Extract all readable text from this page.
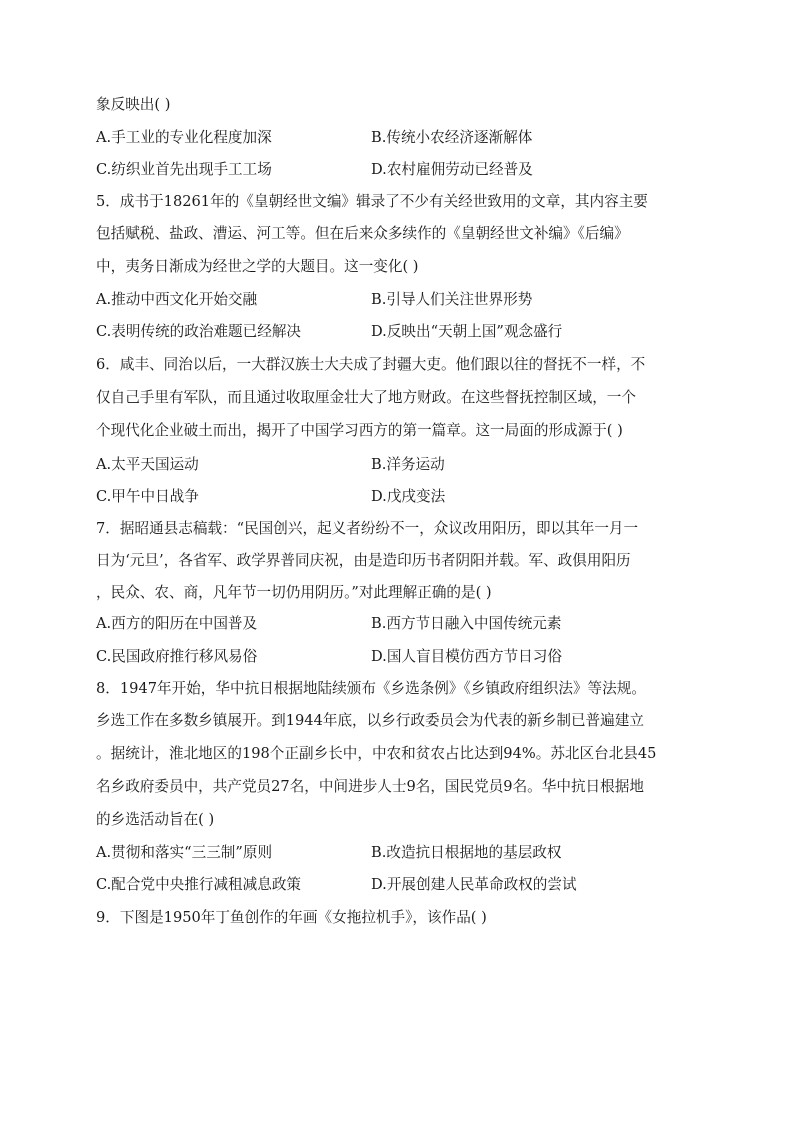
象反映出( )
A.手工业的专业化程度加深	B.传统小农经济逐渐解体
C.纺织业首先出现手工工场	D.农村雇佣劳动已经普及
5．成书于18261年的《皇朝经世文编》辑录了不少有关经世致用的文章，其内容主要
包括赋税、盐政、漕运、河工等。但在后来众多续作的《皇朝经世文补编》《后编》
中，夷务日渐成为经世之学的大题目。这一变化( )
A.推动中西文化开始交融	B.引导人们关注世界形势
C.表明传统的政治难题已经解决	D.反映出“天朝上国”观念盛行
6．咸丰、同治以后，一大群汉族士大夫成了封疆大吏。他们跟以往的督抚不一样，不
仅自己手里有军队，而且通过收取厘金壮大了地方财政。在这些督抚控制区域，一个
个现代化企业破土而出，揭开了中国学习西方的第一篇章。这一局面的形成源于( )
A.太平天国运动	B.洋务运动
C.甲午中日战争	D.戊戌变法
7．据昭通县志稿载：“民国创兴，起义者纷纷不一，众议改用阳历，即以其年一月一
日为‘元旦’，各省军、政学界普同庆祝，由是造印历书者阴阳并载。军、政俱用阳历
，民众、农、商，凡年节一切仍用阴历。”对此理解正确的是( )
A.西方的阳历在中国普及	B.西方节日融入中国传统元素
C.民国政府推行移风易俗	D.国人盲目模仿西方节日习俗
8．1947年开始，华中抗日根据地陆续颁布《乡选条例》《乡镇政府组织法》等法规。
乡选工作在多数乡镇展开。到1944年底，以乡行政委员会为代表的新乡制已普遍建立
。据统计，淮北地区的198个正副乡长中，中农和贫农占比达到94%。苏北区台北县45
名乡政府委员中，共产党员27名，中间进步人士9名，国民党员9名。华中抗日根据地
的乡选活动旨在( )
A.贯彻和落实“三三制”原则	B.改造抗日根据地的基层政权
C.配合党中央推行减租减息政策	D.开展创建人民革命政权的尝试
9．下图是1950年丁鱼创作的年画《女拖拉机手》，该作品( )
